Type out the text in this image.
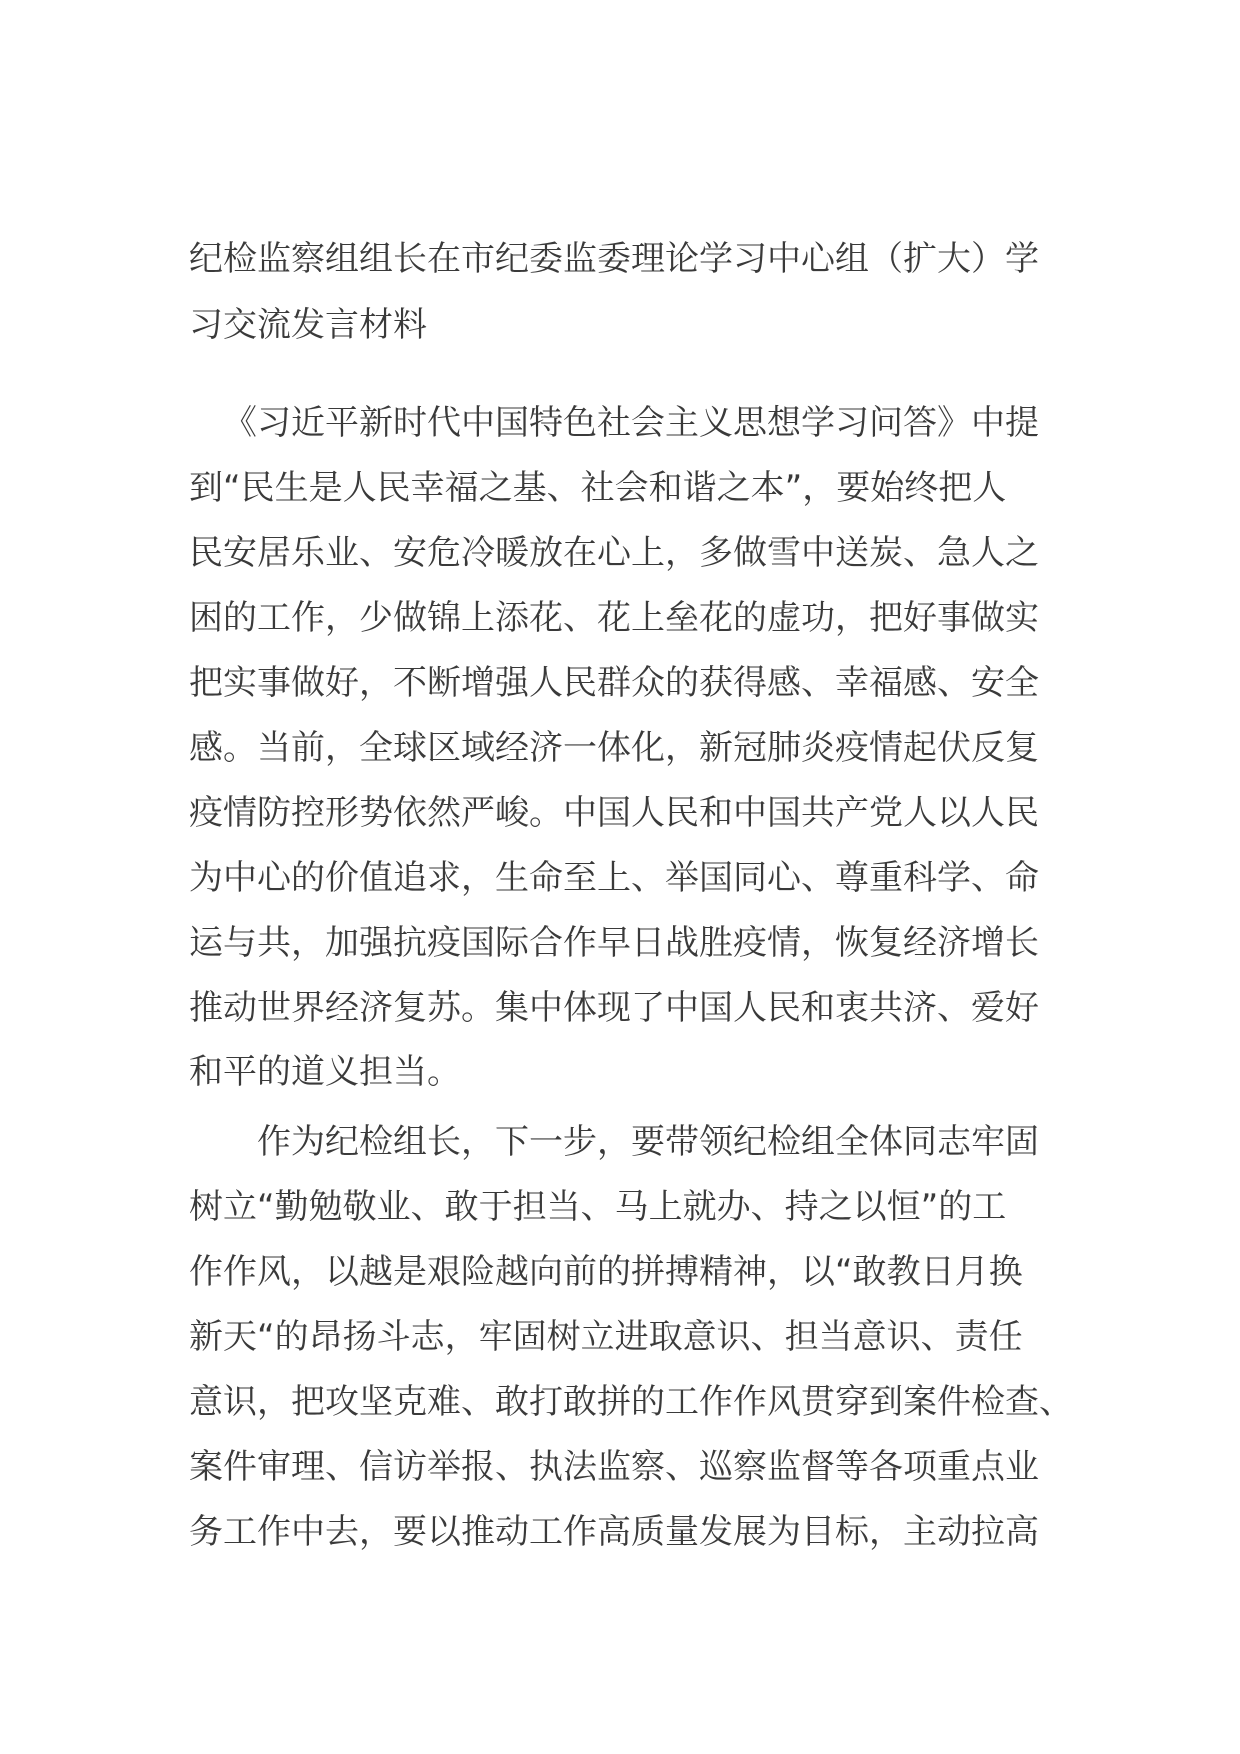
纪检监察组组长在市纪委监委理论学习中心组（扩大）学
习交流发言材料
《习近平新时代中国特色社会主义思想学习问答》中提
到“民生是人民幸福之基、社会和谐之本”，要始终把人
民安居乐业、安危冷暖放在心上，多做雪中送炭、急人之
困的工作，少做锦上添花、花上垒花的虚功，把好事做实
把实事做好，不断增强人民群众的获得感、幸福感、安全
感。当前，全球区域经济一体化，新冠肺炎疫情起伏反复
疫情防控形势依然严峻。中国人民和中国共产党人以人民
为中心的价值追求，生命至上、举国同心、尊重科学、命
运与共，加强抗疫国际合作早日战胜疫情，恢复经济增长
推动世界经济复苏。集中体现了中国人民和衷共济、爱好
和平的道义担当。
作为纪检组长，下一步，要带领纪检组全体同志牢固
树立“勤勉敬业、敢于担当、马上就办、持之以恒”的工
作作风，以越是艰险越向前的拼搏精神，以“敢教日月换
新天“的昂扬斗志，牢固树立进取意识、担当意识、责任
意识，把攻坚克难、敢打敢拼的工作作风贯穿到案件检查、
案件审理、信访举报、执法监察、巡察监督等各项重点业
务工作中去，要以推动工作高质量发展为目标，主动拉高
